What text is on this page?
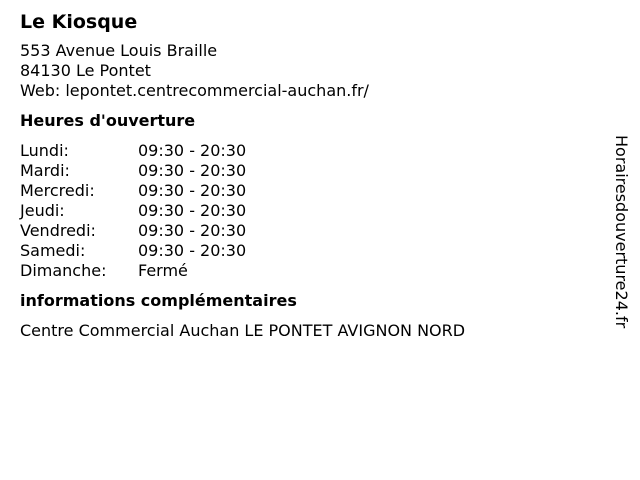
Le Kiosque
553 Avenue Louis Braille
84130 Le Pontet
Web: lepontet.centrecommercial-auchan.fr/
Heures d'ouverture
Lundi:	09:30 - 20:30
Mardi:	09:30 - 20:30
Mercredi:	09:30 - 20:30
Jeudi:	09:30 - 20:30
Vendredi:	09:30 - 20:30
Samedi:	09:30 - 20:30
Dimanche:	Fermé
informations complémentaires
Centre Commercial Auchan LE PONTET AVIGNON NORD
Horairesdouverture24.fr
